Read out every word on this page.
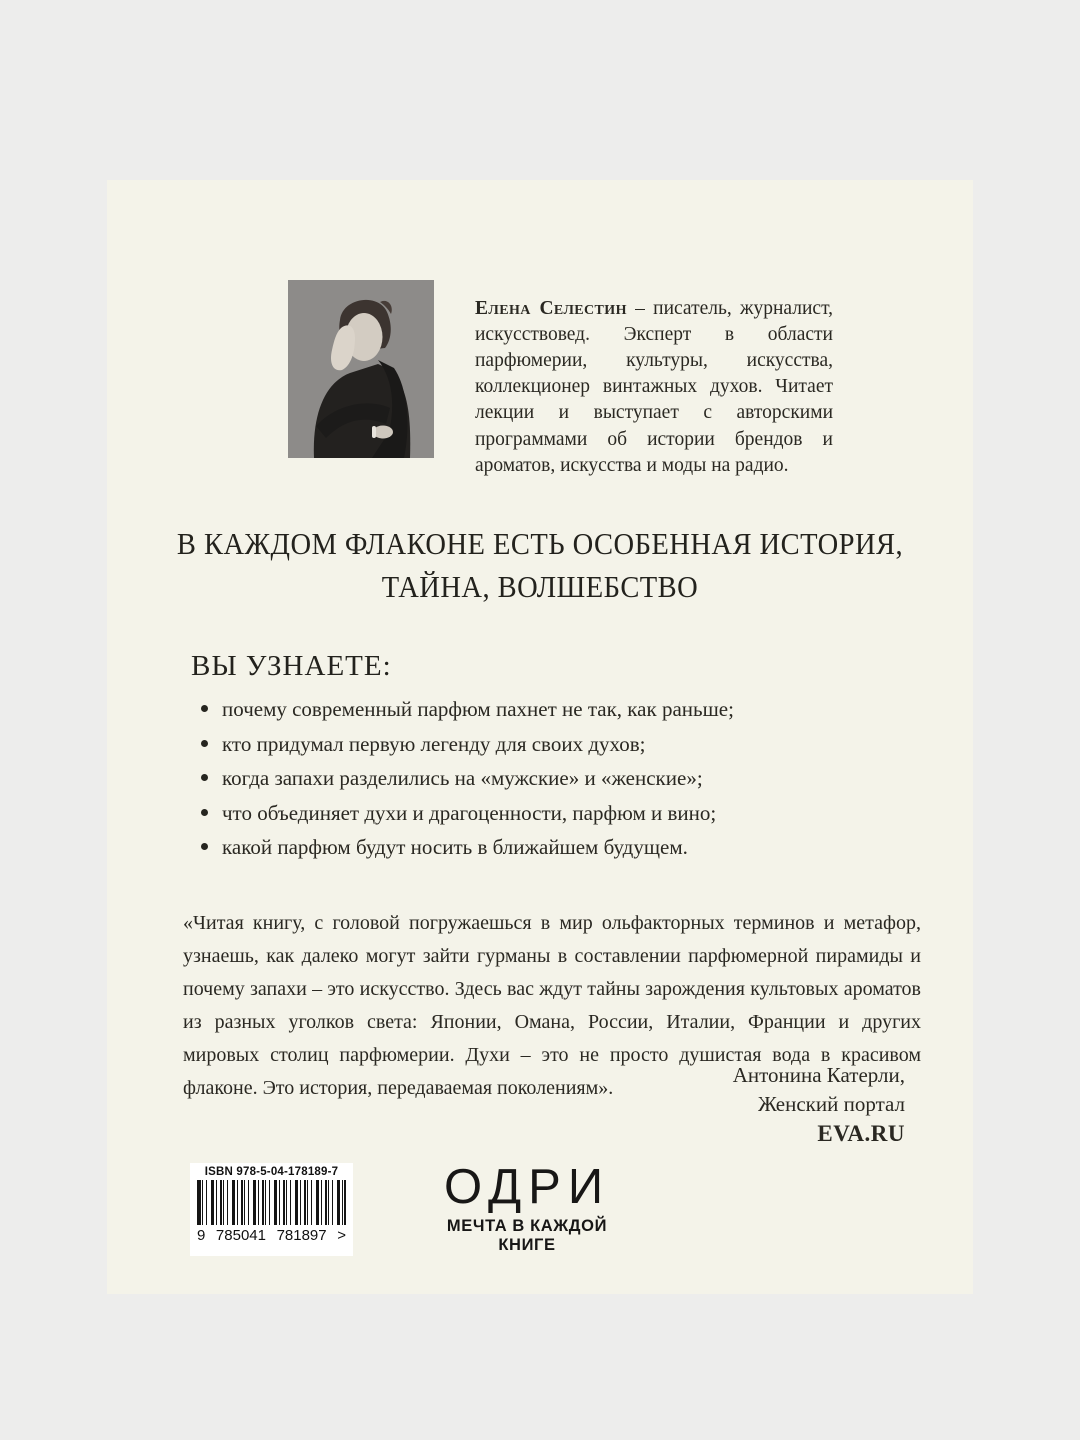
Елена Селестин – писатель, журналист, искусствовед. Эксперт в области парфюмерии, культуры, искусства, коллекционер винтажных духов. Читает лекции и выступает с авторскими программами об истории брендов и ароматов, искусства и моды на радио.

В КАЖДОМ ФЛАКОНЕ ЕСТЬ ОСОБЕННАЯ ИСТОРИЯ,
ТАЙНА, ВОЛШЕБСТВО
ВЫ УЗНАЕТЕ:
почему современный парфюм пахнет не так, как раньше;
кто придумал первую легенду для своих духов;
когда запахи разделились на «мужские» и «женские»;
что объединяет духи и драгоценности, парфюм и вино;
какой парфюм будут носить в ближайшем будущем.

«Читая книгу, с головой погружаешься в мир ольфакторных терминов и метафор, узнаешь, как далеко могут зайти гурманы в составлении парфюмерной пирамиды и почему запахи – это искусство. Здесь вас ждут тайны зарождения культовых ароматов из разных уголков света: Японии, Омана, России, Италии, Франции и других мировых столиц парфюмерии. Духи – это не просто душистая вода в красивом флаконе. Это история, передаваемая поколениям».

Антонина Катерли,
Женский портал
EVA.RU
ISBN 978-5-04-178189-7
9 785041 781897 >
ОДРИ
МЕЧТА В КАЖДОЙ
КНИГЕ
